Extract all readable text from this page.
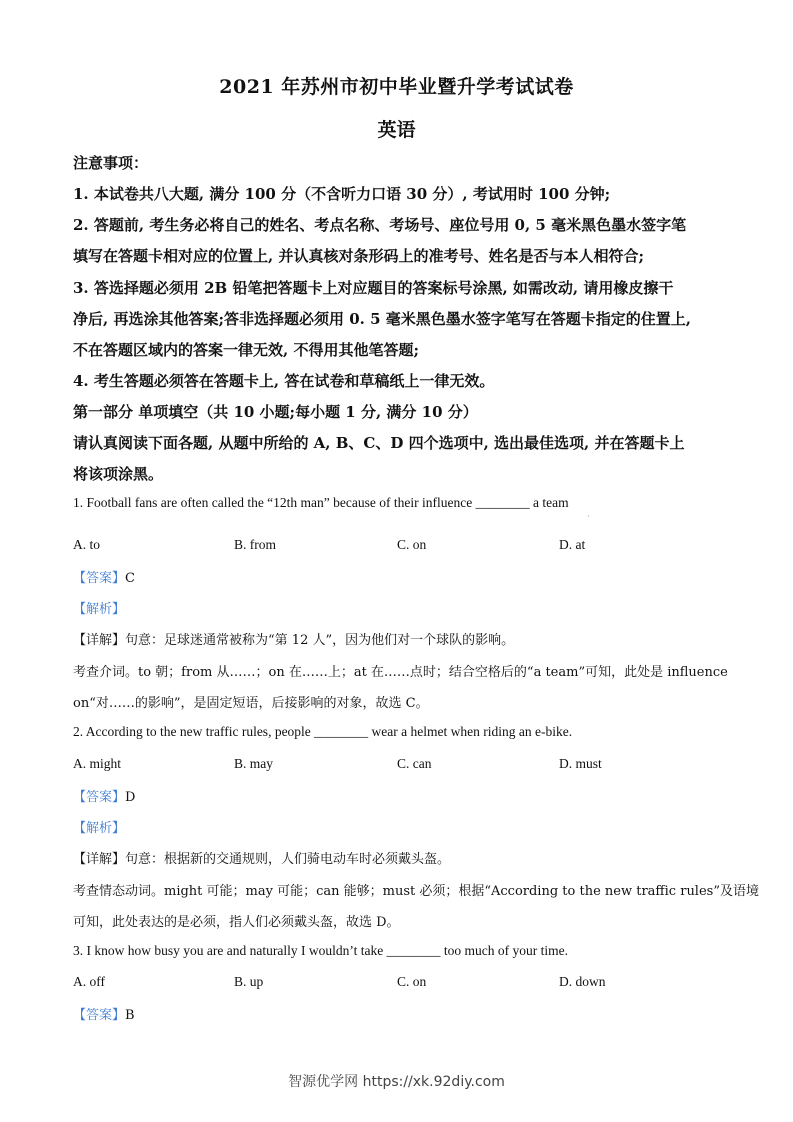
2021 年苏州市初中毕业暨升学考试试卷
英语
注意事项：
1. 本试卷共八大题, 满分 100 分（不含听力口语 30 分）, 考试用时 100 分钟;
2. 答题前, 考生务必将自己的姓名、考点名称、考场号、座位号用 0, 5 毫米黑色墨水签字笔
填写在答题卡相对应的位置上, 并认真核对条形码上的准考号、姓名是否与本人相符合;
3. 答选择题必须用 2B 铅笔把答题卡上对应题目的答案标号涂黑, 如需改动, 请用橡皮擦干
净后, 再选涂其他答案;答非选择题必须用 0. 5 毫米黑色墨水签字笔写在答题卡指定的住置上,
不在答题区域内的答案一律无效, 不得用其他笔答题;
4. 考生答题必须答在答题卡上, 答在试卷和草稿纸上一律无效。
第一部分 单项填空（共 10 小题;每小题 1 分, 满分 10 分）
请认真阅读下面各题, 从题中所给的 A, B、C、D 四个选项中, 选出最佳选项, 并在答题卡上
将该项涂黑。
1. Football fans are often called the “12th man” because of their influence ________ a team
·
A. to	B. from	C. on	D. at
【答案】C
【解析】
【详解】句意：足球迷通常被称为“第 12 人”，因为他们对一个球队的影响。
考查介词。to 朝；from 从……；on 在……上；at 在……点时；结合空格后的“a team”可知，此处是 influence
on“对……的影响”，是固定短语，后接影响的对象，故选 C。
2. According to the new traffic rules, people ________ wear a helmet when riding an e-bike.
A. might	B. may	C. can	D. must
【答案】D
【解析】
【详解】句意：根据新的交通规则，人们骑电动车时必须戴头盔。
考查情态动词。might 可能；may 可能；can 能够；must 必须；根据“According to the new traffic rules”及语境
可知，此处表达的是必须，指人们必须戴头盔，故选 D。
3. I know how busy you are and naturally I wouldn’t take ________ too much of your time.
A. off	B. up	C. on	D. down
【答案】B
智源优学网 https://xk.92diy.com
